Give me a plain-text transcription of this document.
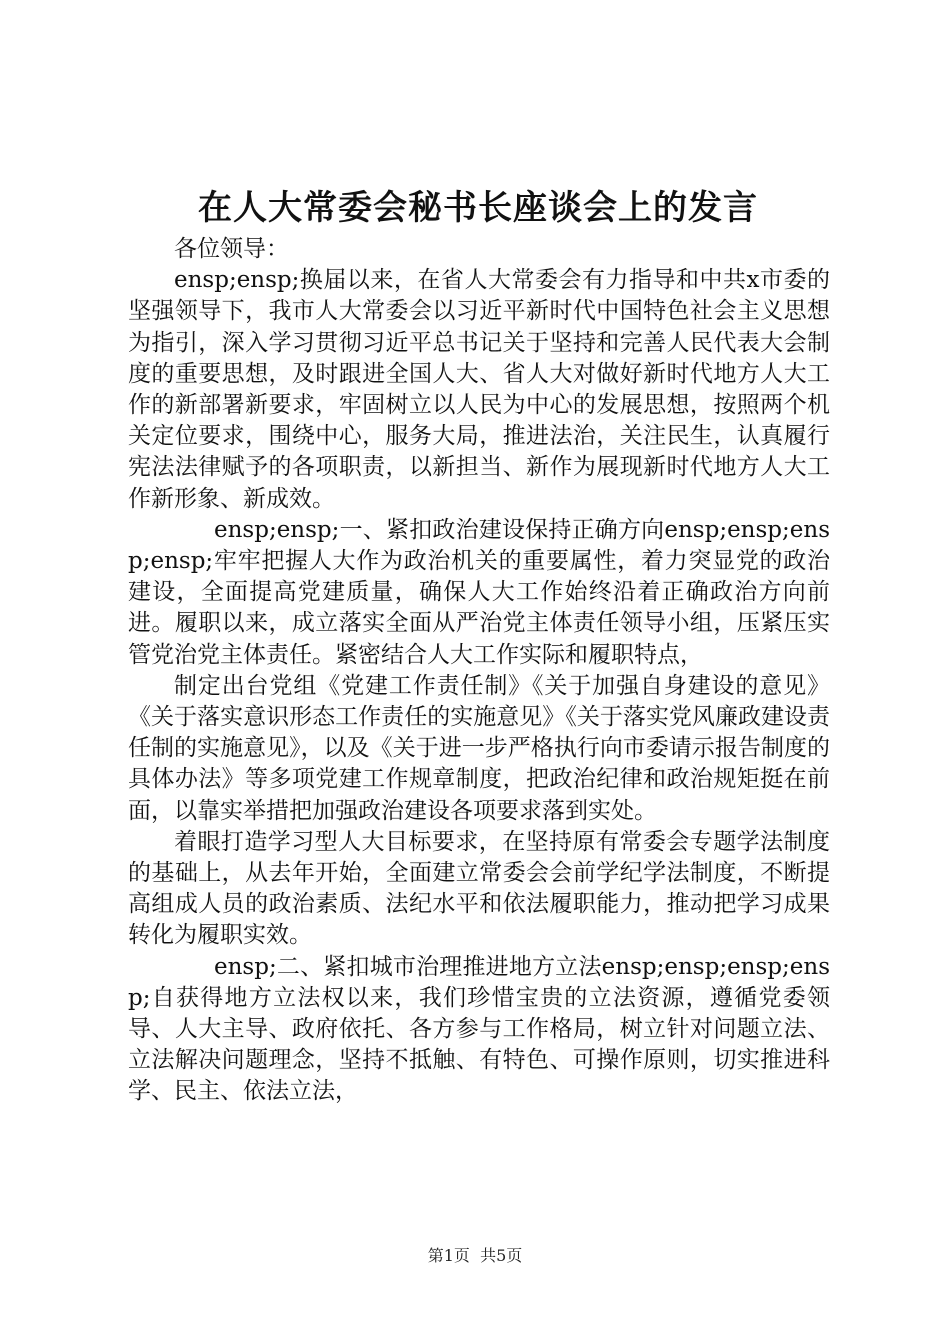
在人大常委会秘书长座谈会上的发言

各位领导：

ensp;ensp;换届以来，在省人大常委会有力指导和中共x市委的坚强领导下，我市人大常委会以习近平新时代中国特色社会主义思想为指引，深入学习贯彻习近平总书记关于坚持和完善人民代表大会制度的重要思想，及时跟进全国人大、省人大对做好新时代地方人大工作的新部署新要求，牢固树立以人民为中心的发展思想，按照两个机关定位要求，围绕中心，服务大局，推进法治，关注民生，认真履行宪法法律赋予的各项职责，以新担当、新作为展现新时代地方人大工作新形象、新成效。

ensp;ensp;一、紧扣政治建设保持正确方向ensp;ensp;ensp;ensp;牢牢把握人大作为政治机关的重要属性，着力突显党的政治建设，全面提高党建质量，确保人大工作始终沿着正确政治方向前进。履职以来，成立落实全面从严治党主体责任领导小组，压紧压实管党治党主体责任。紧密结合人大工作实际和履职特点，

制定出台党组《党建工作责任制》《关于加强自身建设的意见》《关于落实意识形态工作责任的实施意见》《关于落实党风廉政建设责任制的实施意见》，以及《关于进一步严格执行向市委请示报告制度的具体办法》等多项党建工作规章制度，把政治纪律和政治规矩挺在前面，以靠实举措把加强政治建设各项要求落到实处。

着眼打造学习型人大目标要求，在坚持原有常委会专题学法制度的基础上，从去年开始，全面建立常委会会前学纪学法制度，不断提高组成人员的政治素质、法纪水平和依法履职能力，推动把学习成果转化为履职实效。

ensp;二、紧扣城市治理推进地方立法ensp;ensp;ensp;ensp;自获得地方立法权以来，我们珍惜宝贵的立法资源，遵循党委领导、人大主导、政府依托、各方参与工作格局，树立针对问题立法、立法解决问题理念，坚持不抵触、有特色、可操作原则，切实推进科学、民主、依法立法，

第1页  共5页
